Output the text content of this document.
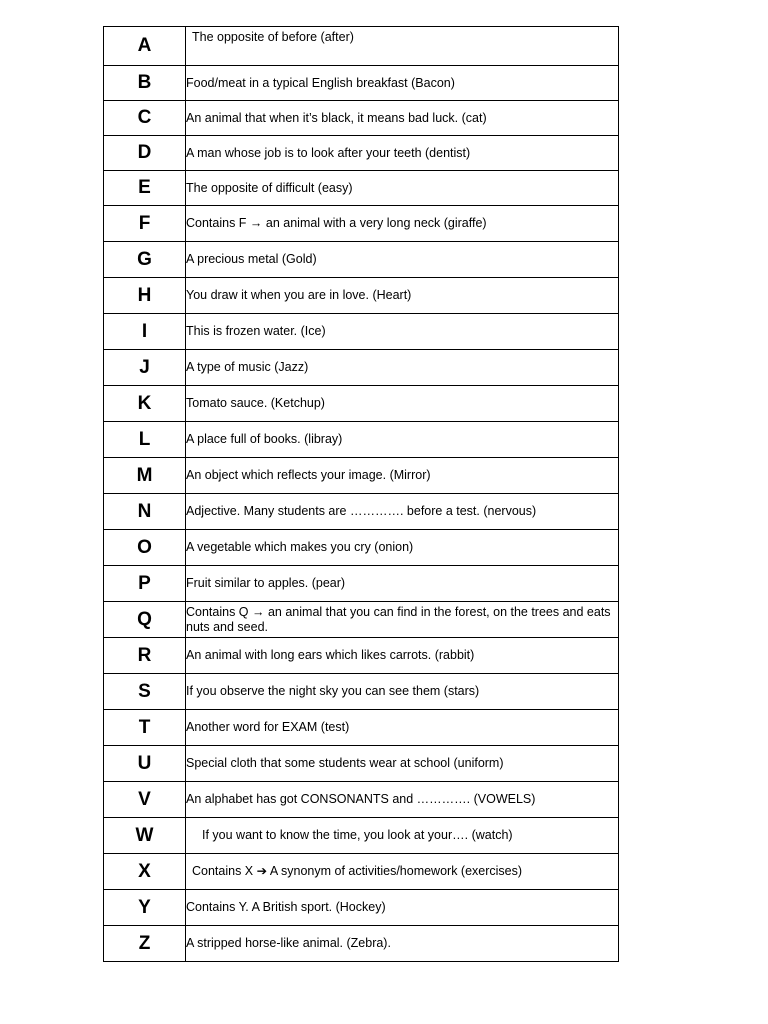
A	The opposite of before (after)
B	Food/meat in a typical English breakfast (Bacon)
C	An animal that when it’s black, it means bad luck. (cat)
D	A man whose job is to look after your teeth (dentist)
E	The opposite of difficult (easy)
F	Contains F → an animal with a very long neck (giraffe)
G	A precious metal (Gold)
H	You draw it when you are in love. (Heart)
I	This is frozen water. (Ice)
J	A type of music (Jazz)
K	Tomato sauce. (Ketchup)
L	A place full of books. (libray)
M	An object which reflects your image. (Mirror)
N	Adjective. Many students are …………. before a test. (nervous)
O	A vegetable which makes you cry (onion)
P	Fruit similar to apples. (pear)
Q	Contains Q → an animal that you can find in the forest, on the trees and eats nuts and seed.
R	An animal with long ears which likes carrots. (rabbit)
S	If you observe the night sky you can see them (stars)
T	Another word for EXAM (test)
U	Special cloth that some students wear at school (uniform)
V	An alphabet has got CONSONANTS and …………. (VOWELS)
W	If you want to know the time, you look at your…. (watch)
X	Contains X ➔ A synonym of activities/homework (exercises)
Y	Contains Y. A British sport. (Hockey)
Z	A stripped horse-like animal. (Zebra).
